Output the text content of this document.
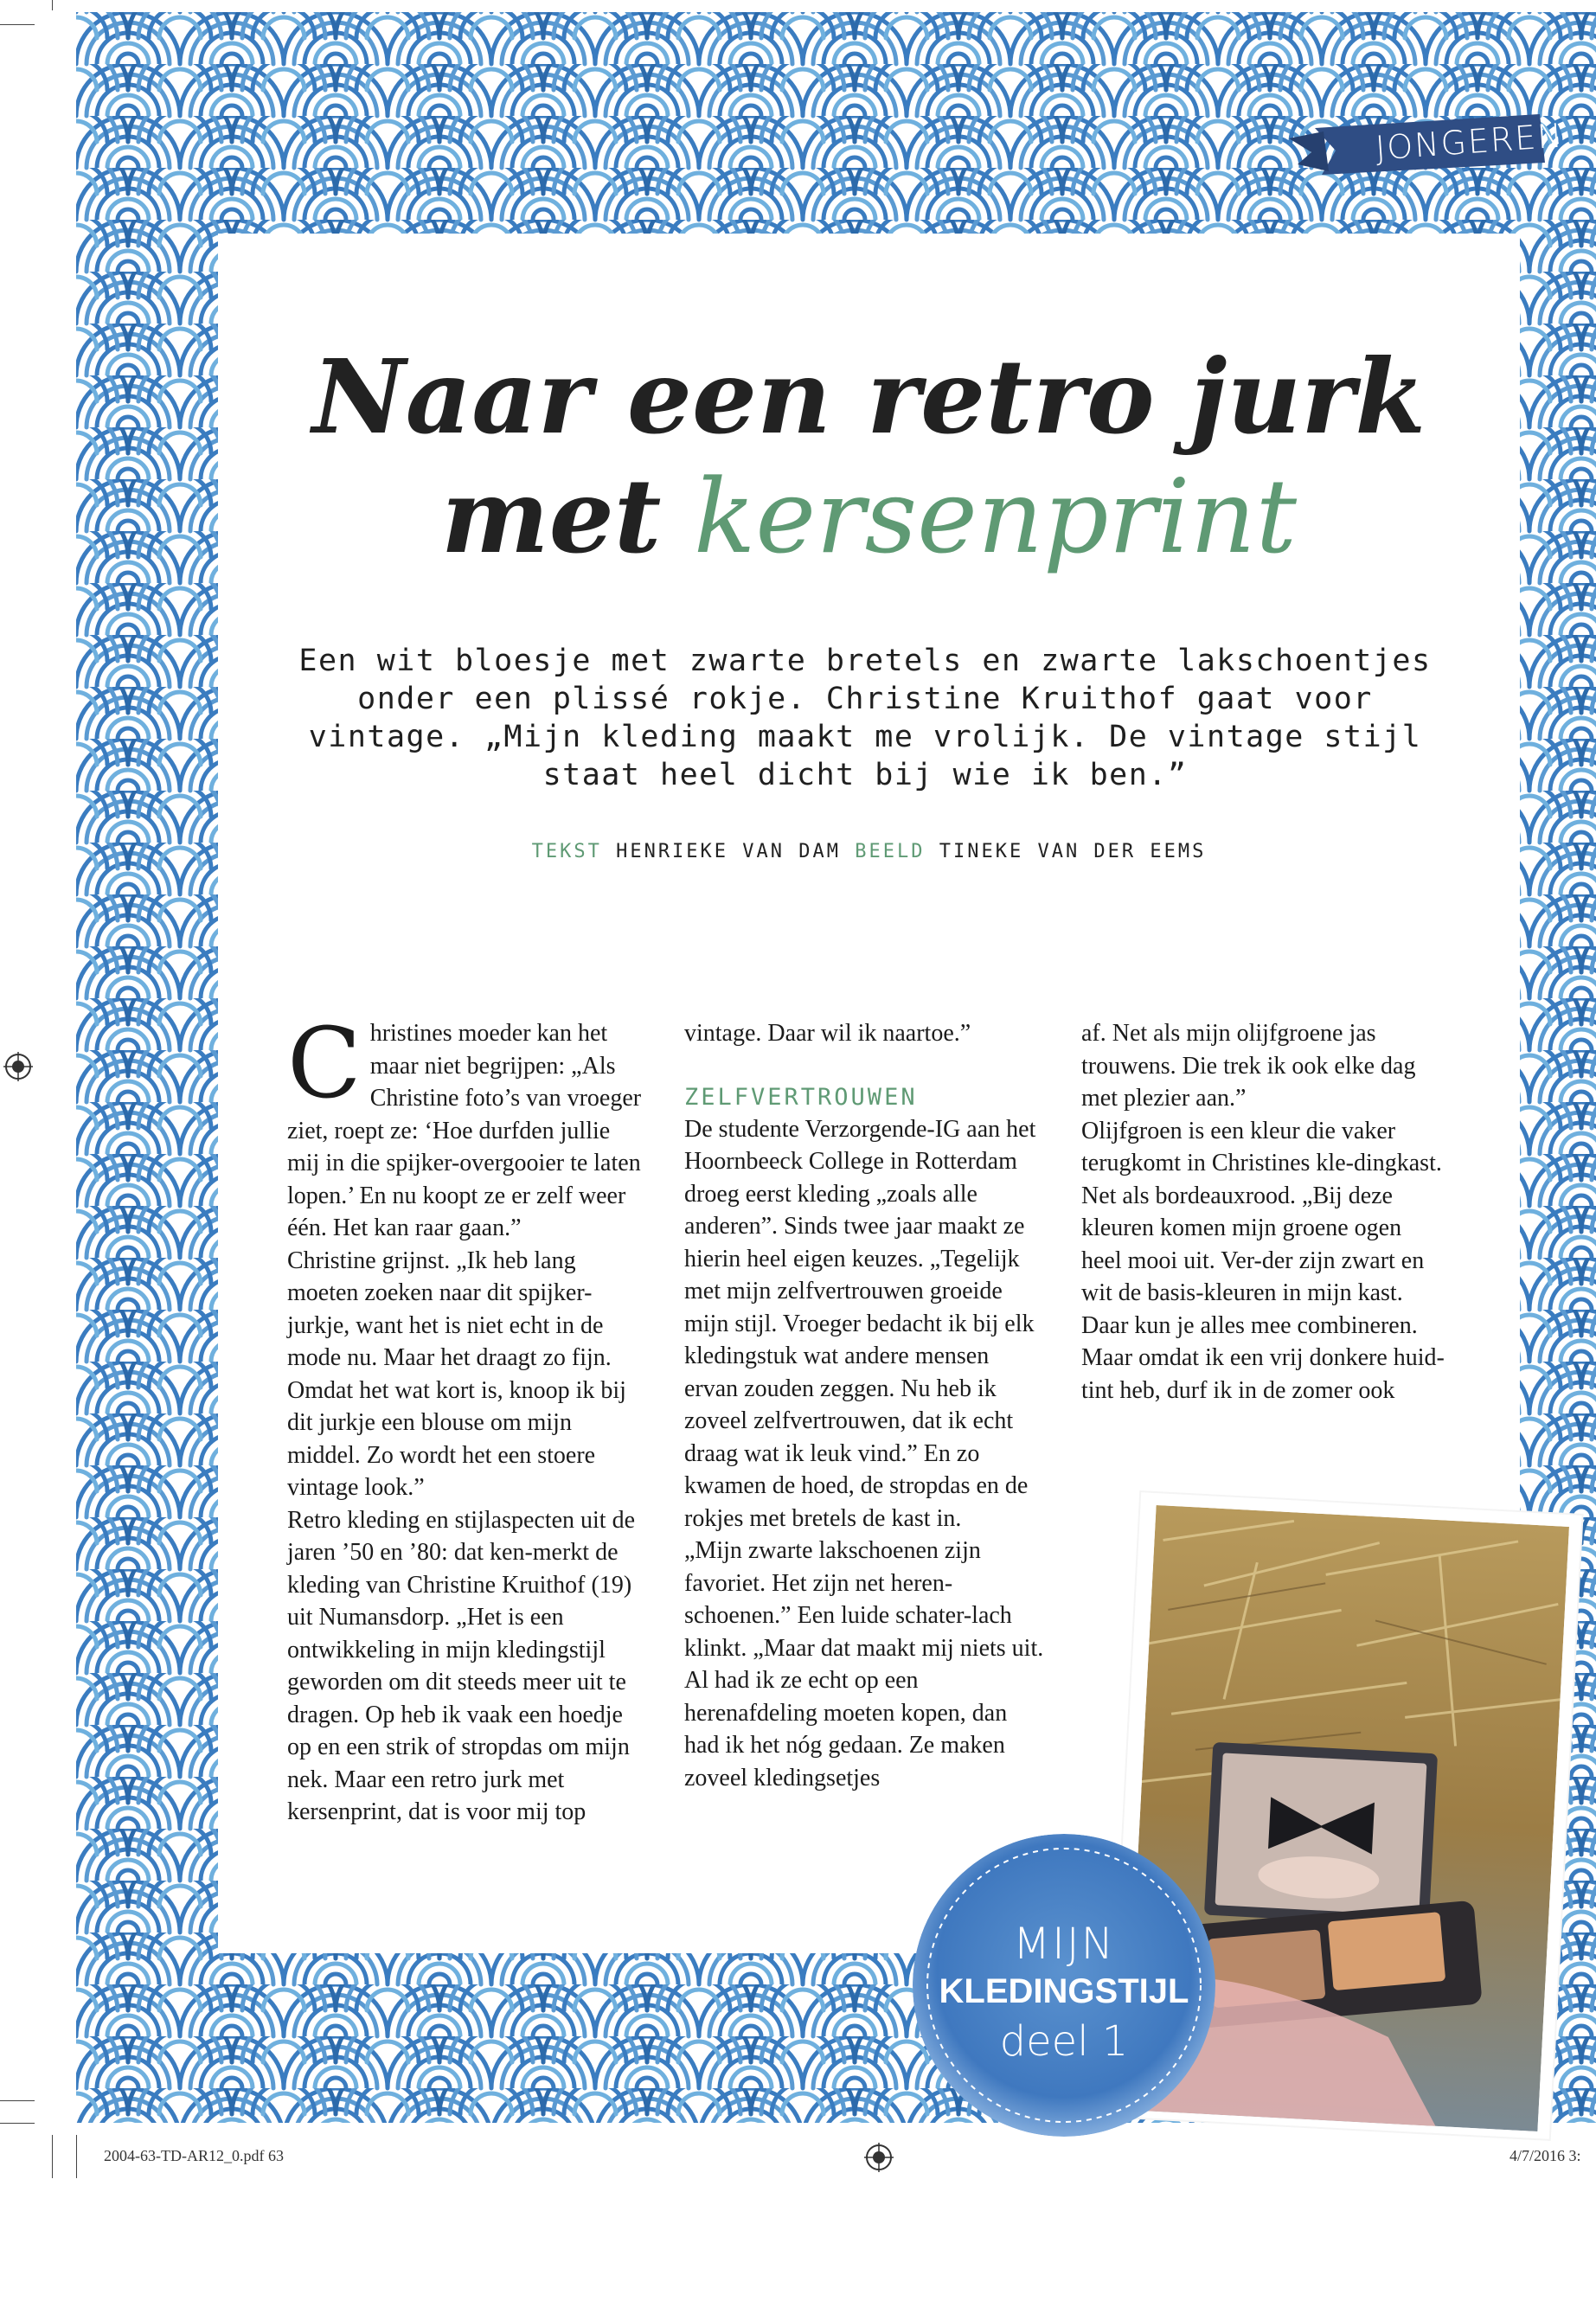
JONGEREN
Naar een retro jurk
met kersenprint

Een wit bloesje met zwarte bretels en zwarte lakschoentjes onder een plissé rokje. Christine Kruithof gaat voor vintage. „Mijn kleding maakt me vrolijk. De vintage stijl staat heel dicht bij wie ik ben.”

TEKST HENRIEKE VAN DAM BEELD TINEKE VAN DER EEMS

Christines moeder kan het maar niet begrijpen: „Als Christine foto’s van vroeger ziet, roept ze: ‘Hoe durfden jullie mij in die spijker-overgooier te laten lopen.’ En nu koopt ze er zelf weer één. Het kan raar gaan.”

Christine grijnst. „Ik heb lang moeten zoeken naar dit spijker-jurkje, want het is niet echt in de mode nu. Maar het draagt zo fijn. Omdat het wat kort is, knoop ik bij dit jurkje een blouse om mijn middel. Zo wordt het een stoere vintage look.”

Retro kleding en stijlaspecten uit de jaren ’50 en ’80: dat ken-merkt de kleding van Christine Kruithof (19) uit Numansdorp. „Het is een ontwikkeling in mijn kledingstijl geworden om dit steeds meer uit te dragen. Op heb ik vaak een hoedje op en een strik of stropdas om mijn nek. Maar een retro jurk met kersenprint, dat is voor mij top

vintage. Daar wil ik naartoe.”

ZELFVERTROUWEN

De studente Verzorgende-IG aan het Hoornbeeck College in Rotterdam droeg eerst kleding „zoals alle anderen”. Sinds twee jaar maakt ze hierin heel eigen keuzes. „Tegelijk met mijn zelfvertrouwen groeide mijn stijl. Vroeger bedacht ik bij elk kledingstuk wat andere mensen ervan zouden zeggen. Nu heb ik zoveel zelfvertrouwen, dat ik echt draag wat ik leuk vind.” En zo kwamen de hoed, de stropdas en de rokjes met bretels de kast in.

„Mijn zwarte lakschoenen zijn favoriet. Het zijn net heren-schoenen.” Een luide schater-lach klinkt. „Maar dat maakt mij niets uit. Al had ik ze echt op een herenafdeling moeten kopen, dan had ik het nóg gedaan. Ze maken zoveel kledingsetjes

af. Net als mijn olijfgroene jas trouwens. Die trek ik ook elke dag met plezier aan.”

Olijfgroen is een kleur die vaker terugkomt in Christines kle-dingkast. Net als bordeauxrood. „Bij deze kleuren komen mijn groene ogen heel mooi uit. Ver-der zijn zwart en wit de basis-kleuren in mijn kast. Daar kun je alles mee combineren. Maar omdat ik een vrij donkere huid-tint heb, durf ik in de zomer ook

MIJN
KLEDINGSTIJL
deel 1
2004-63-TD-AR12_0.pdf 63	4/7/2016 3:
